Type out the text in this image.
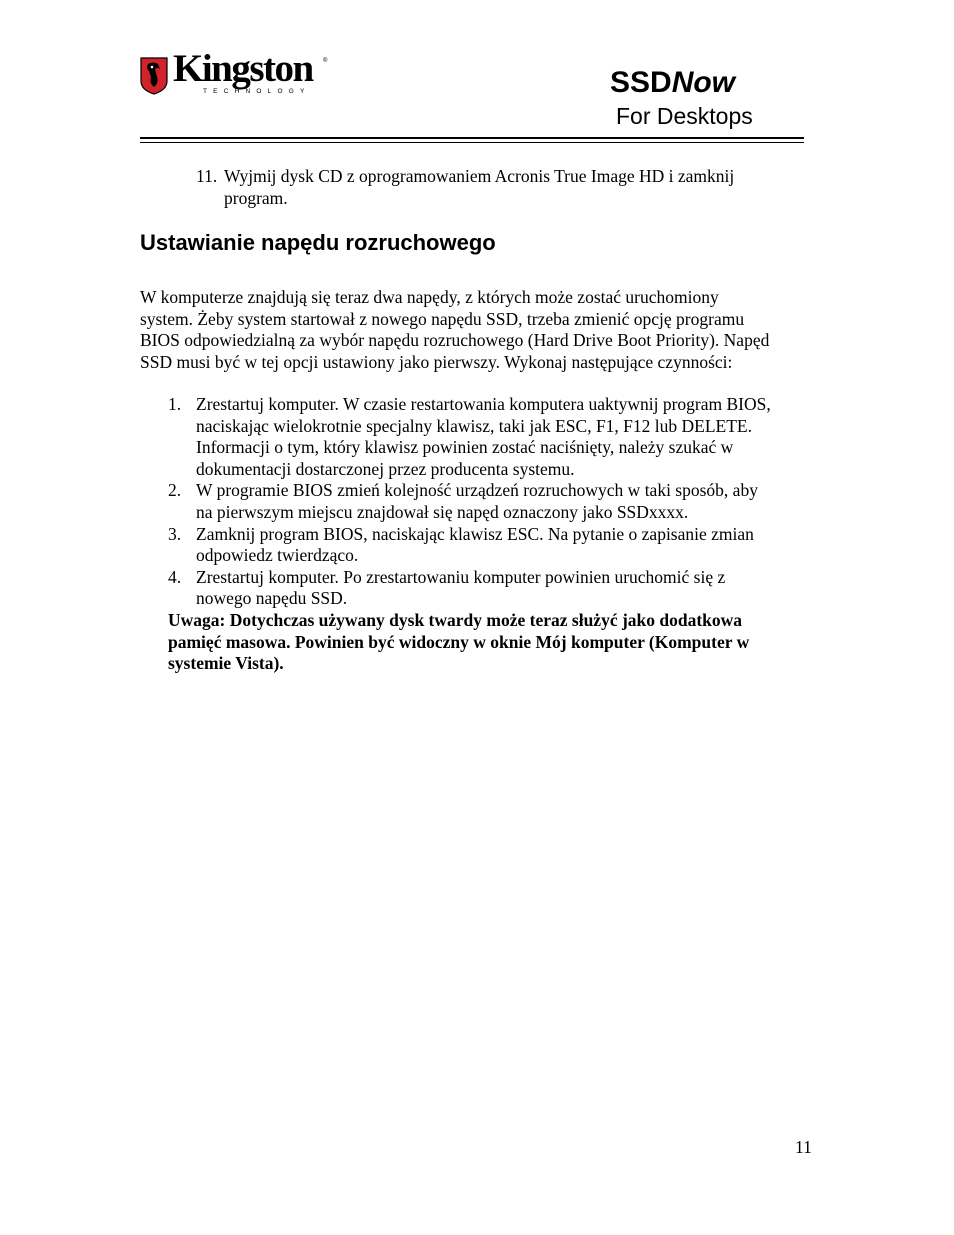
Kingston ®
TECHNOLOGY	SSDNow
For Desktops
11. Wyjmij dysk CD z oprogramowaniem Acronis True Image HD i zamknij
program.
Ustawianie napędu rozruchowego
W komputerze znajdują się teraz dwa napędy, z których może zostać uruchomiony
system. Żeby system startował z nowego napędu SSD, trzeba zmienić opcję programu
BIOS odpowiedzialną za wybór napędu rozruchowego (Hard Drive Boot Priority). Napęd
SSD musi być w tej opcji ustawiony jako pierwszy. Wykonaj następujące czynności:
1. Zrestartuj komputer. W czasie restartowania komputera uaktywnij program BIOS,
naciskając wielokrotnie specjalny klawisz, taki jak ESC, F1, F12 lub DELETE.
Informacji o tym, który klawisz powinien zostać naciśnięty, należy szukać w
dokumentacji dostarczonej przez producenta systemu.
2. W programie BIOS zmień kolejność urządzeń rozruchowych w taki sposób, aby
na pierwszym miejscu znajdował się napęd oznaczony jako SSDxxxx.
3. Zamknij program BIOS, naciskając klawisz ESC. Na pytanie o zapisanie zmian
odpowiedz twierdząco.
4. Zrestartuj komputer. Po zrestartowaniu komputer powinien uruchomić się z
nowego napędu SSD.
Uwaga: Dotychczas używany dysk twardy może teraz służyć jako dodatkowa
pamięć masowa. Powinien być widoczny w oknie Mój komputer (Komputer w
systemie Vista).
11
